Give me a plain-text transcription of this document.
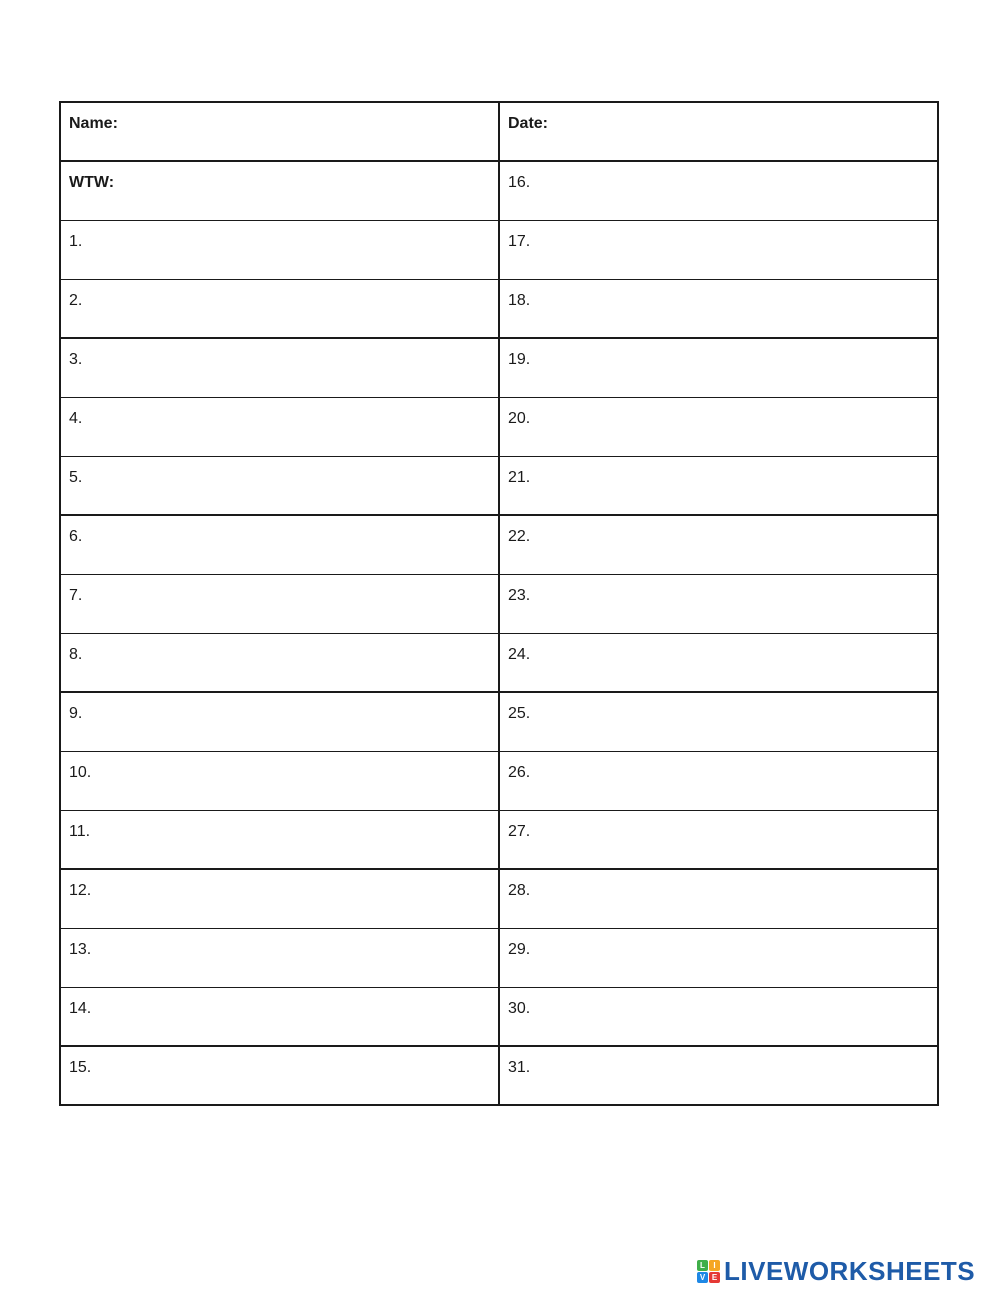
Name:	Date:
WTW:	16.
1.	17.
2.	18.
3.	19.
4.	20.
5.	21.
6.	22.
7.	23.
8.	24.
9.	25.
10.	26.
11.	27.
12.	28.
13.	29.
14.	30.
15.	31.
L	I
V E LIVEWORKSHEETS
